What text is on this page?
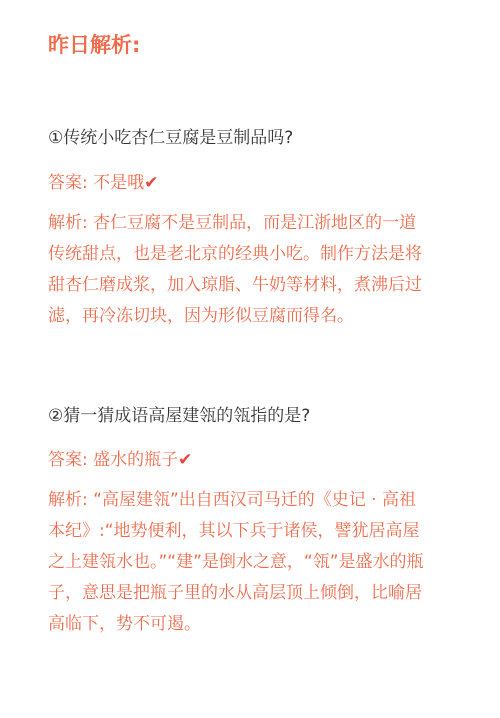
昨日解析:
①传统小吃杏仁豆腐是豆制品吗?
答案: 不是哦✔
解析: 杏仁豆腐不是豆制品，而是江浙地区的一道
传统甜点，也是老北京的经典小吃。制作方法是将
甜杏仁磨成浆，加入琼脂、牛奶等材料，煮沸后过
滤，再冷冻切块，因为形似豆腐而得名。
②猜一猜成语高屋建瓴的瓴指的是?
答案: 盛水的瓶子✔
解析: “高屋建瓴”出自西汉司马迁的《史记 · 高祖
本纪》:“地势便利，其以下兵于诸侯，譬犹居高屋
之上建瓴水也。”“建”是倒水之意，“瓴”是盛水的瓶
子，意思是把瓶子里的水从高层顶上倾倒，比喻居
高临下，势不可遏。
